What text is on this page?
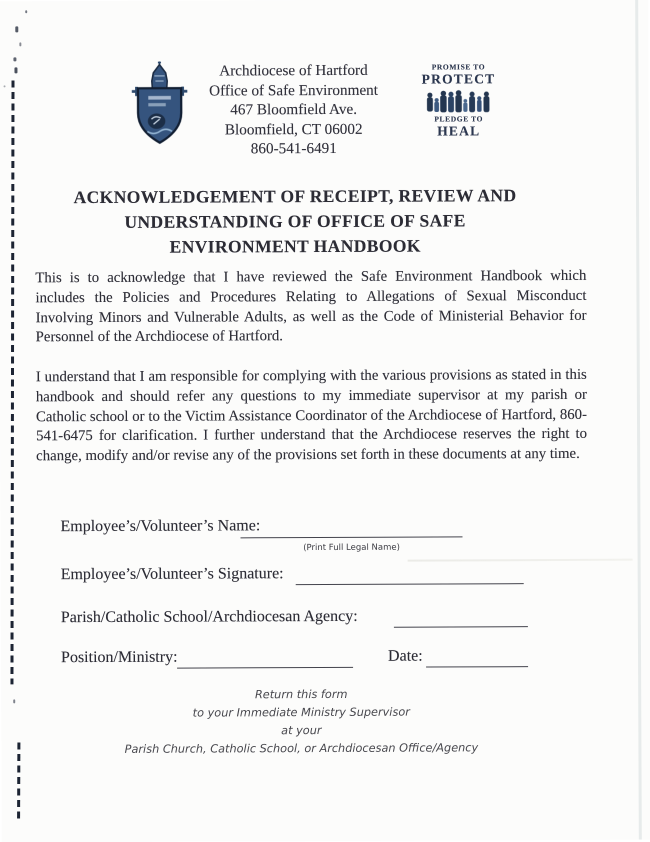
Archdiocese of Hartford
Office of Safe Environment
467 Bloomfield Ave.
Bloomfield, CT 06002
860-541-6491
PROMISE TO
PROTECT
PLEDGE TO
HEAL
ACKNOWLEDGEMENT OF RECEIPT, REVIEW AND
UNDERSTANDING OF OFFICE OF SAFE
ENVIRONMENT HANDBOOK
This is to acknowledge that I have reviewed the Safe Environment Handbook which includes the Policies and Procedures Relating to Allegations of Sexual Misconduct Involving Minors and Vulnerable Adults, as well as the Code of Ministerial Behavior for Personnel of the Archdiocese of Hartford.
I understand that I am responsible for complying with the various provisions as stated in this handbook and should refer any questions to my immediate supervisor at my parish or Catholic school or to the Victim Assistance Coordinator of the Archdiocese of Hartford, 860-541-6475 for clarification. I further understand that the Archdiocese reserves the right to change, modify and/or revise any of the provisions set forth in these documents at any time.
Employee’s/Volunteer’s Name:
(Print Full Legal Name)
Employee’s/Volunteer’s Signature:
Parish/Catholic School/Archdiocesan Agency:
Position/Ministry:	Date:
Return this form
to your Immediate Ministry Supervisor
at your
Parish Church, Catholic School, or Archdiocesan Office/Agency
